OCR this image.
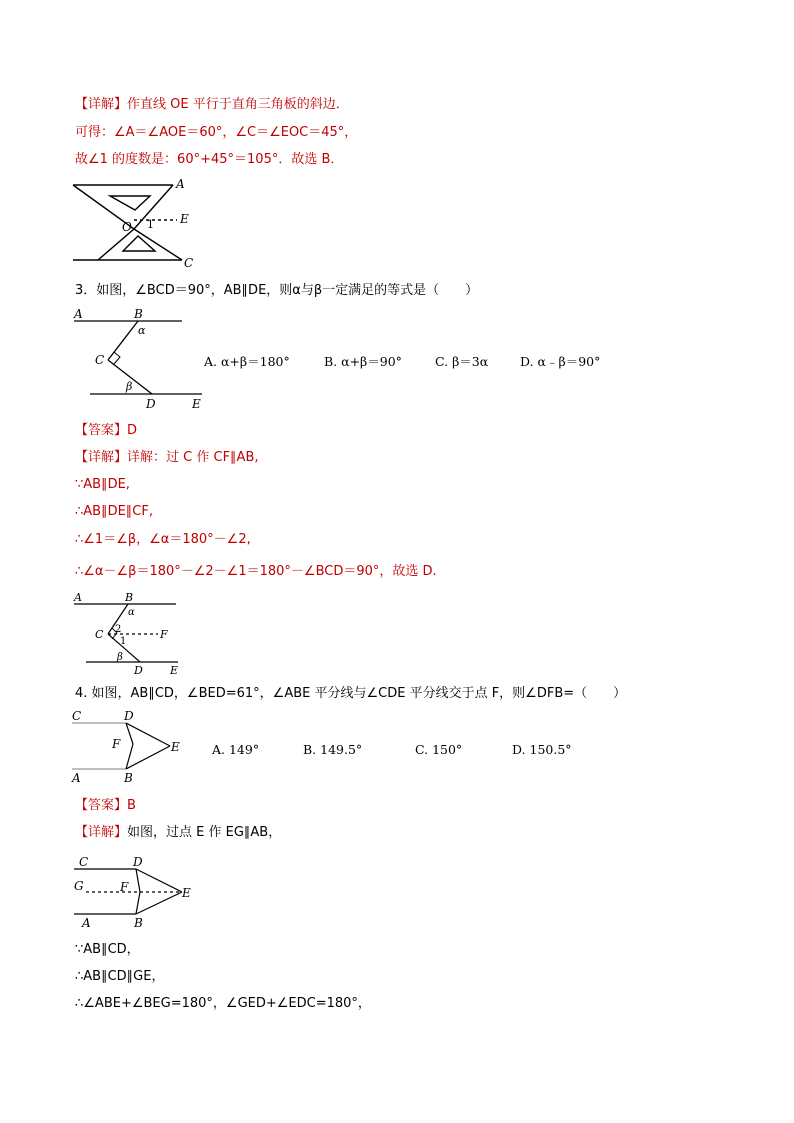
【详解】作直线 OE 平行于直角三角板的斜边．
可得：∠A＝∠AOE＝60°，∠C＝∠EOC＝45°，
故∠1 的度数是：60°+45°＝105°．故选 B．
A
O 1 E
C
3．如图，∠BCD＝90°，AB∥DE，则α与β一定满足的等式是（　　）
A	B
α
C
β
D	E
A. α+β＝180°	B. α+β＝90°	C. β＝3α	D. α﹣β＝90°
【答案】D
【详解】详解：过 C 作 CF∥AB,
∵AB∥DE,
∴AB∥DE∥CF,
∴∠1＝∠β，∠α＝180°－∠2,
∴∠α－∠β＝180°－∠2－∠1＝180°－∠BCD＝90°，故选 D.
A	B
α
C 2
1
F
β
D E
4. 如图，AB∥CD，∠BED=61°，∠ABE 平分线与∠CDE 平分线交于点 F，则∠DFB=（　　）
C	D
F	E
A	B
A. 149°	B. 149.5°	C. 150°	D. 150.5°
【答案】B
【详解】如图，过点 E 作 EG∥AB，
C	D
G	F	E
A	B
∵AB∥CD，
∴AB∥CD∥GE，
∴∠ABE+∠BEG=180°，∠GED+∠EDC=180°，
